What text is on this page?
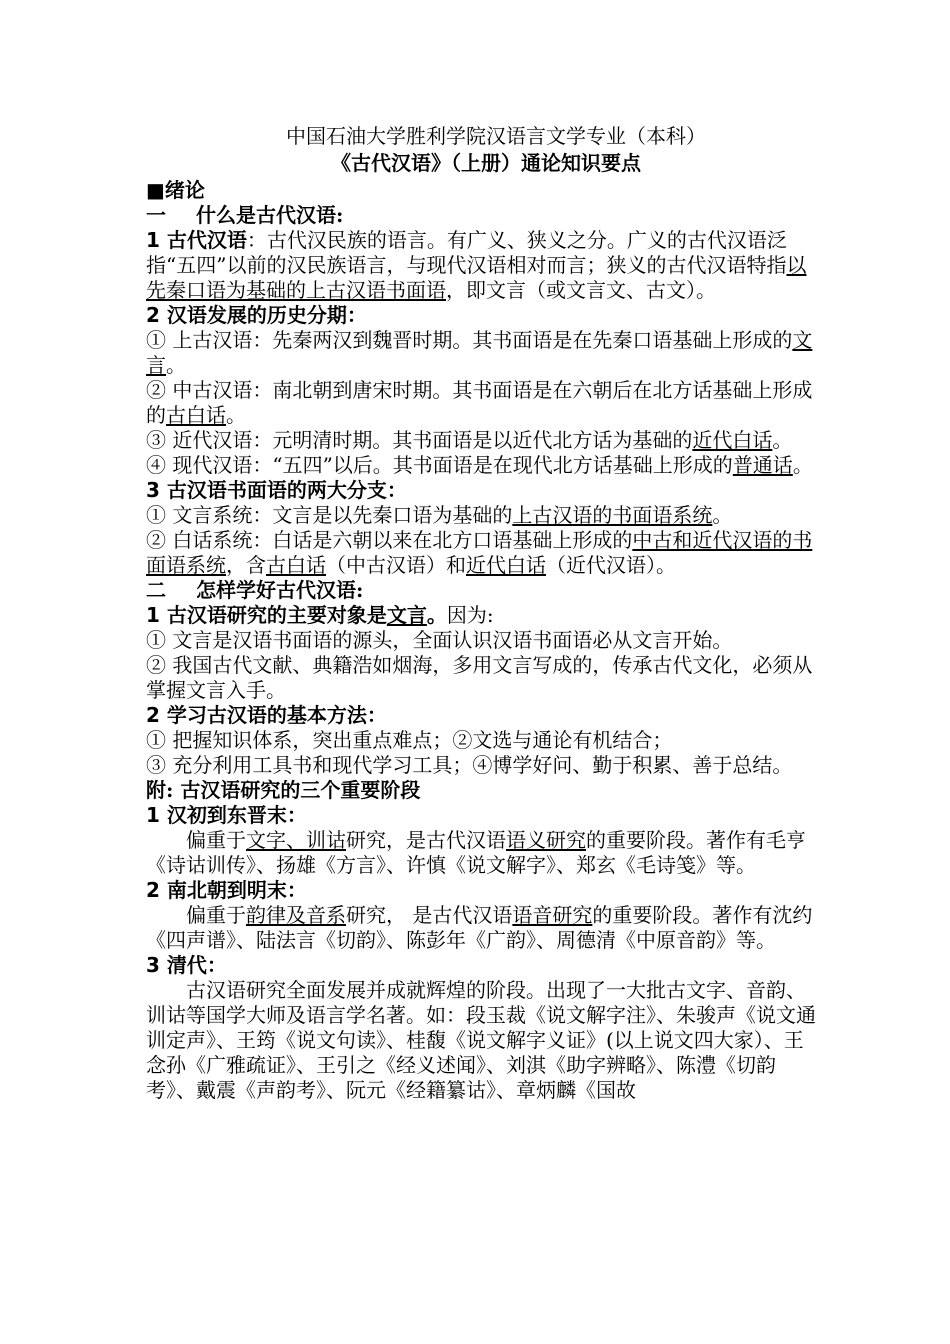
中国石油大学胜利学院汉语言文学专业（本科）

《古代汉语》（上册）通论知识要点

■绪论

一 什么是古代汉语:

1 古代汉语：古代汉民族的语言。有广义、狭义之分。广义的古代汉语泛指“五四”以前的汉民族语言，与现代汉语相对而言；狭义的古代汉语特指以先秦口语为基础的上古汉语书面语，即文言（或文言文、古文）。

2 汉语发展的历史分期：

① 上古汉语：先秦两汉到魏晋时期。其书面语是在先秦口语基础上形成的文言。

② 中古汉语：南北朝到唐宋时期。其书面语是在六朝后在北方话基础上形成的古白话。

③ 近代汉语：元明清时期。其书面语是以近代北方话为基础的近代白话。

④ 现代汉语：“五四”以后。其书面语是在现代北方话基础上形成的普通话。

3 古汉语书面语的两大分支：

① 文言系统：文言是以先秦口语为基础的上古汉语的书面语系统。

② 白话系统：白话是六朝以来在北方口语基础上形成的中古和近代汉语的书面语系统，含古白话（中古汉语）和近代白话（近代汉语）。

二 怎样学好古代汉语:

1 古汉语研究的主要对象是文言。因为:

① 文言是汉语书面语的源头，全面认识汉语书面语必从文言开始。

② 我国古代文献、典籍浩如烟海，多用文言写成的，传承古代文化，必须从掌握文言入手。

2 学习古汉语的基本方法：

① 把握知识体系，突出重点难点；②文选与通论有机结合；

③ 充分利用工具书和现代学习工具；④博学好问、勤于积累、善于总结。

附: 古汉语研究的三个重要阶段

1 汉初到东晋末：

偏重于文字、训诂研究，是古代汉语语义研究的重要阶段。著作有毛亨《诗诂训传》、扬雄《方言》、许慎《说文解字》、郑玄《毛诗笺》等。

2 南北朝到明末：

偏重于韵律及音系研究， 是古代汉语语音研究的重要阶段。著作有沈约《四声谱》、陆法言《切韵》、陈彭年《广韵》、周德清《中原音韵》等。

3 清代：

古汉语研究全面发展并成就辉煌的阶段。出现了一大批古文字、音韵、训诂等国学大师及语言学名著。如：段玉裁《说文解字注》、朱骏声《说文通训定声》、王筠《说文句读》、桂馥《说文解字义证》(以上说文四大家）、王念孙《广雅疏证》、王引之《经义述闻》、刘淇《助字辨略》、陈澧《切韵考》、戴震《声韵考》、阮元《经籍纂诂》、章炳麟《国故
